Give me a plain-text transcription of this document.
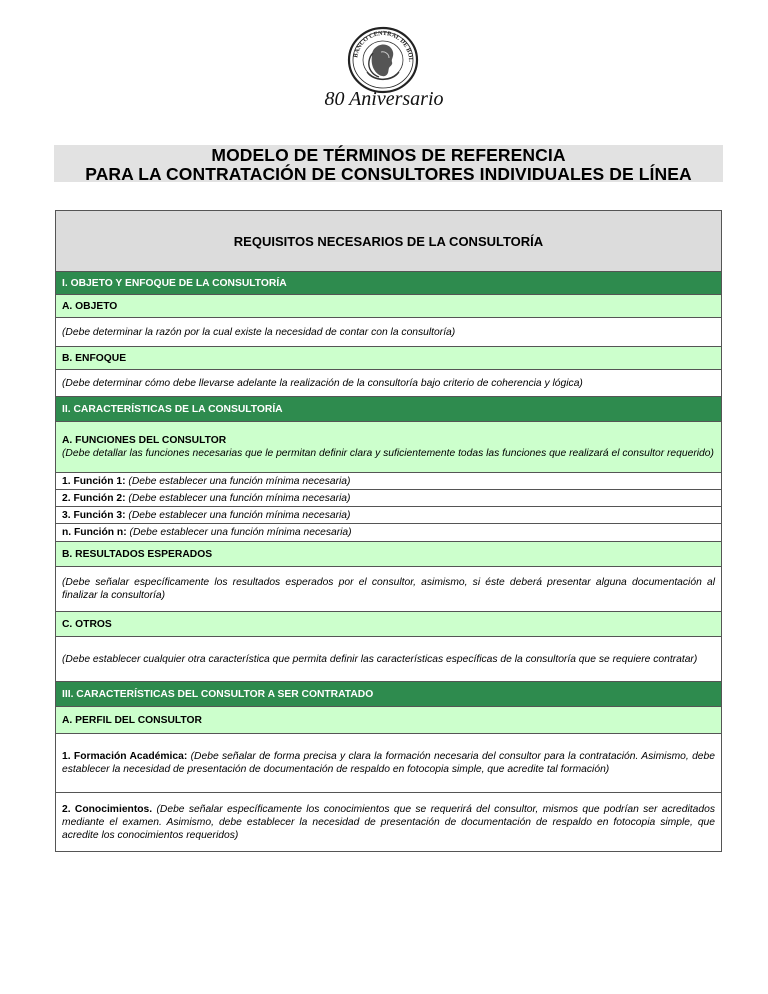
BANCO CENTRAL DE BOL
80 Aniversario
MODELO DE TÉRMINOS DE REFERENCIA
PARA LA CONTRATACIÓN DE CONSULTORES INDIVIDUALES DE LÍNEA
REQUISITOS NECESARIOS DE LA CONSULTORÍA
I. OBJETO Y ENFOQUE DE LA CONSULTORÍA
A. OBJETO
(Debe determinar la razón por la cual existe la necesidad de contar con la consultoría)
B. ENFOQUE
(Debe determinar cómo debe llevarse adelante la realización de la consultoría bajo criterio de coherencia y lógica)
II. CARACTERÍSTICAS DE LA CONSULTORÍA

A. FUNCIONES DEL CONSULTOR
(Debe detallar las funciones necesarias que le permitan definir clara y suficientemente todas las funciones que realizará el consultor requerido)

1. Función 1: (Debe establecer una función mínima necesaria)
2. Función 2: (Debe establecer una función mínima necesaria)
3. Función 3: (Debe establecer una función mínima necesaria)
n. Función n: (Debe establecer una función mínima necesaria)
B. RESULTADOS ESPERADOS
(Debe señalar específicamente los resultados esperados por el consultor, asimismo, si éste deberá presentar alguna documentación al finalizar la consultoría)
C. OTROS
(Debe establecer cualquier otra característica que permita definir las características específicas de la consultoría que se requiere contratar)
III. CARACTERÍSTICAS DEL CONSULTOR A SER CONTRATADO
A. PERFIL DEL CONSULTOR
1. Formación Académica: (Debe señalar de forma precisa y clara la formación necesaria del consultor para la contratación. Asimismo, debe establecer la necesidad de presentación de documentación de respaldo en fotocopia simple, que acredite tal formación)
2. Conocimientos. (Debe señalar específicamente los conocimientos que se requerirá del consultor, mismos que podrían ser acreditados mediante el examen. Asimismo, debe establecer la necesidad de presentación de documentación de respaldo en fotocopia simple, que acredite los conocimientos requeridos)
